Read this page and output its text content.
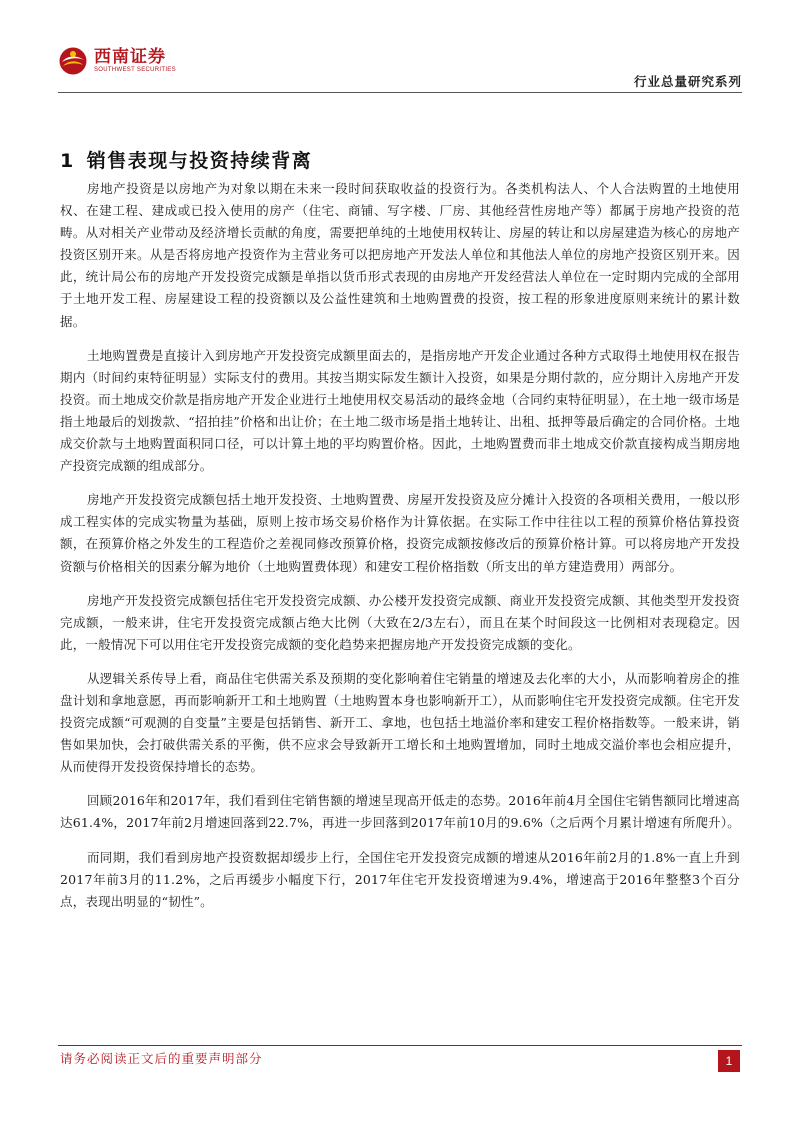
西南证券
SOUTHWEST SECURITIES
行业总量研究系列
1 销售表现与投资持续背离

房地产投资是以房地产为对象以期在未来一段时间获取收益的投资行为。各类机构法人、个人合法购置的土地使用权、在建工程、建成或已投入使用的房产（住宅、商铺、写字楼、厂房、其他经营性房地产等）都属于房地产投资的范畴。从对相关产业带动及经济增长贡献的角度，需要把单纯的土地使用权转让、房屋的转让和以房屋建造为核心的房地产投资区别开来。从是否将房地产投资作为主营业务可以把房地产开发法人单位和其他法人单位的房地产投资区别开来。因此，统计局公布的房地产开发投资完成额是单指以货币形式表现的由房地产开发经营法人单位在一定时期内完成的全部用于土地开发工程、房屋建设工程的投资额以及公益性建筑和土地购置费的投资，按工程的形象进度原则来统计的累计数据。

土地购置费是直接计入到房地产开发投资完成额里面去的，是指房地产开发企业通过各种方式取得土地使用权在报告期内（时间约束特征明显）实际支付的费用。其按当期实际发生额计入投资，如果是分期付款的，应分期计入房地产开发投资。而土地成交价款是指房地产开发企业进行土地使用权交易活动的最终金地（合同约束特征明显），在土地一级市场是指土地最后的划拨款、“招拍挂”价格和出让价；在土地二级市场是指土地转让、出租、抵押等最后确定的合同价格。土地成交价款与土地购置面积同口径，可以计算土地的平均购置价格。因此，土地购置费而非土地成交价款直接构成当期房地产投资完成额的组成部分。

房地产开发投资完成额包括土地开发投资、土地购置费、房屋开发投资及应分摊计入投资的各项相关费用，一般以形成工程实体的完成实物量为基础，原则上按市场交易价格作为计算依据。在实际工作中往往以工程的预算价格估算投资额，在预算价格之外发生的工程造价之差视同修改预算价格，投资完成额按修改后的预算价格计算。可以将房地产开发投资额与价格相关的因素分解为地价（土地购置费体现）和建安工程价格指数（所支出的单方建造费用）两部分。

房地产开发投资完成额包括住宅开发投资完成额、办公楼开发投资完成额、商业开发投资完成额、其他类型开发投资完成额，一般来讲，住宅开发投资完成额占绝大比例（大致在2/3左右），而且在某个时间段这一比例相对表现稳定。因此，一般情况下可以用住宅开发投资完成额的变化趋势来把握房地产开发投资完成额的变化。

从逻辑关系传导上看，商品住宅供需关系及预期的变化影响着住宅销量的增速及去化率的大小，从而影响着房企的推盘计划和拿地意愿，再而影响新开工和土地购置（土地购置本身也影响新开工），从而影响住宅开发投资完成额。住宅开发投资完成额“可观测的自变量”主要是包括销售、新开工、拿地，也包括土地溢价率和建安工程价格指数等。一般来讲，销售如果加快，会打破供需关系的平衡，供不应求会导致新开工增长和土地购置增加，同时土地成交溢价率也会相应提升，从而使得开发投资保持增长的态势。

回顾2016年和2017年，我们看到住宅销售额的增速呈现高开低走的态势。2016年前4月全国住宅销售额同比增速高达61.4%，2017年前2月增速回落到22.7%，再进一步回落到2017年前10月的9.6%（之后两个月累计增速有所爬升）。

而同期，我们看到房地产投资数据却缓步上行，全国住宅开发投资完成额的增速从2016年前2月的1.8%一直上升到2017年前3月的11.2%，之后再缓步小幅度下行，2017年住宅开发投资增速为9.4%，增速高于2016年整整3个百分点，表现出明显的“韧性”。

请务必阅读正文后的重要声明部分	1
